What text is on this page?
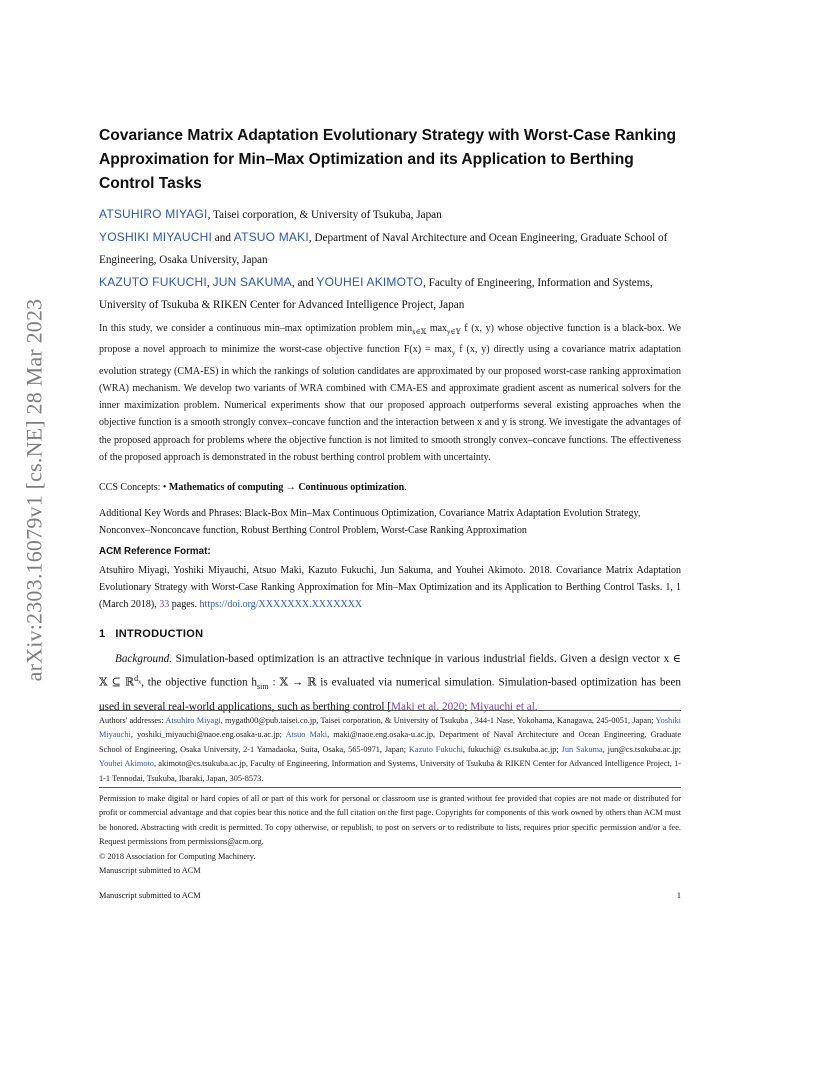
arXiv:2303.16079v1 [cs.NE] 28 Mar 2023
Covariance Matrix Adaptation Evolutionary Strategy with Worst-Case Ranking Approximation for Min–Max Optimization and its Application to Berthing Control Tasks
ATSUHIRO MIYAGI, Taisei corporation, & University of Tsukuba, Japan
YOSHIKI MIYAUCHI and ATSUO MAKI, Department of Naval Architecture and Ocean Engineering, Graduate School of Engineering, Osaka University, Japan
KAZUTO FUKUCHI, JUN SAKUMA, and YOUHEI AKIMOTO, Faculty of Engineering, Information and Systems, University of Tsukuba & RIKEN Center for Advanced Intelligence Project, Japan
In this study, we consider a continuous min–max optimization problem $\min_{x\in 𝕏} \max_{y\in 𝕐} f$ (x, y) whose objective function is a black-box. We propose a novel approach to minimize the worst-case objective function $F(x) = \max_y f$ (x, y) directly using a covariance matrix adaptation evolution strategy (CMA-ES) in which the rankings of solution candidates are approximated by our proposed worst-case ranking approximation (WRA) mechanism. We develop two variants of WRA combined with CMA-ES and approximate gradient ascent as numerical solvers for the inner maximization problem. Numerical experiments show that our proposed approach outperforms several existing approaches when the objective function is a smooth strongly convex–concave function and the interaction between x and y is strong. We investigate the advantages of the proposed approach for problems where the objective function is not limited to smooth strongly convex–concave functions. The effectiveness of the proposed approach is demonstrated in the robust berthing control problem with uncertainty.
CCS Concepts: • Mathematics of computing → Continuous optimization.
Additional Key Words and Phrases: Black-Box Min–Max Continuous Optimization, Covariance Matrix Adaptation Evolution Strategy, Nonconvex–Nonconcave function, Robust Berthing Control Problem, Worst-Case Ranking Approximation
ACM Reference Format:
Atsuhiro Miyagi, Yoshiki Miyauchi, Atsuo Maki, Kazuto Fukuchi, Jun Sakuma, and Youhei Akimoto. 2018. Covariance Matrix Adaptation Evolutionary Strategy with Worst-Case Ranking Approximation for Min–Max Optimization and its Application to Berthing Control Tasks. 1, 1 (March 2018), 33 pages. https://doi.org/XXXXXXX.XXXXXXX
1 INTRODUCTION
Background. Simulation-based optimization is an attractive technique in various industrial fields. Given a design vector x ∈ 𝕏 ⊆ ℝ$^{d_x}$, the objective function $h_{sim}$ : 𝕏 → ℝ is evaluated via numerical simulation. Simulation-based optimization has been used in several real-world applications, such as berthing control [Maki et al. 2020; Miyauchi et al.
Authors' addresses: Atsuhiro Miyagi, mygath00@pub.taisei.co.jp, Taisei corporation, & University of Tsukuba , 344-1 Nase, Yokohama, Kanagawa, 245-0051, Japan; Yoshiki Miyauchi, yoshiki_miyauchi@naoe.eng.osaka-u.ac.jp; Atsuo Maki, maki@naoe.eng.osaka-u.ac.jp, Department of Naval Architecture and Ocean Engineering, Graduate School of Engineering, Osaka University, 2-1 Yamadaoka, Suita, Osaka, 565-0971, Japan; Kazuto Fukuchi, fukuchi@ cs.tsukuba.ac.jp; Jun Sakuma, jun@cs.tsukuba.ac.jp; Youhei Akimoto, akimoto@cs.tsukuba.ac.jp, Faculty of Engineering, Information and Systems, University of Tsukuba & RIKEN Center for Advanced Intelligence Project, 1-1-1 Tennodai, Tsukuba, Ibaraki, Japan, 305-8573.
Permission to make digital or hard copies of all or part of this work for personal or classroom use is granted without fee provided that copies are not made or distributed for profit or commercial advantage and that copies bear this notice and the full citation on the first page. Copyrights for components of this work owned by others than ACM must be honored. Abstracting with credit is permitted. To copy otherwise, or republish, to post on servers or to redistribute to lists, requires prior specific permission and/or a fee. Request permissions from permissions@acm.org.
© 2018 Association for Computing Machinery.
Manuscript submitted to ACM
Manuscript submitted to ACM	1
